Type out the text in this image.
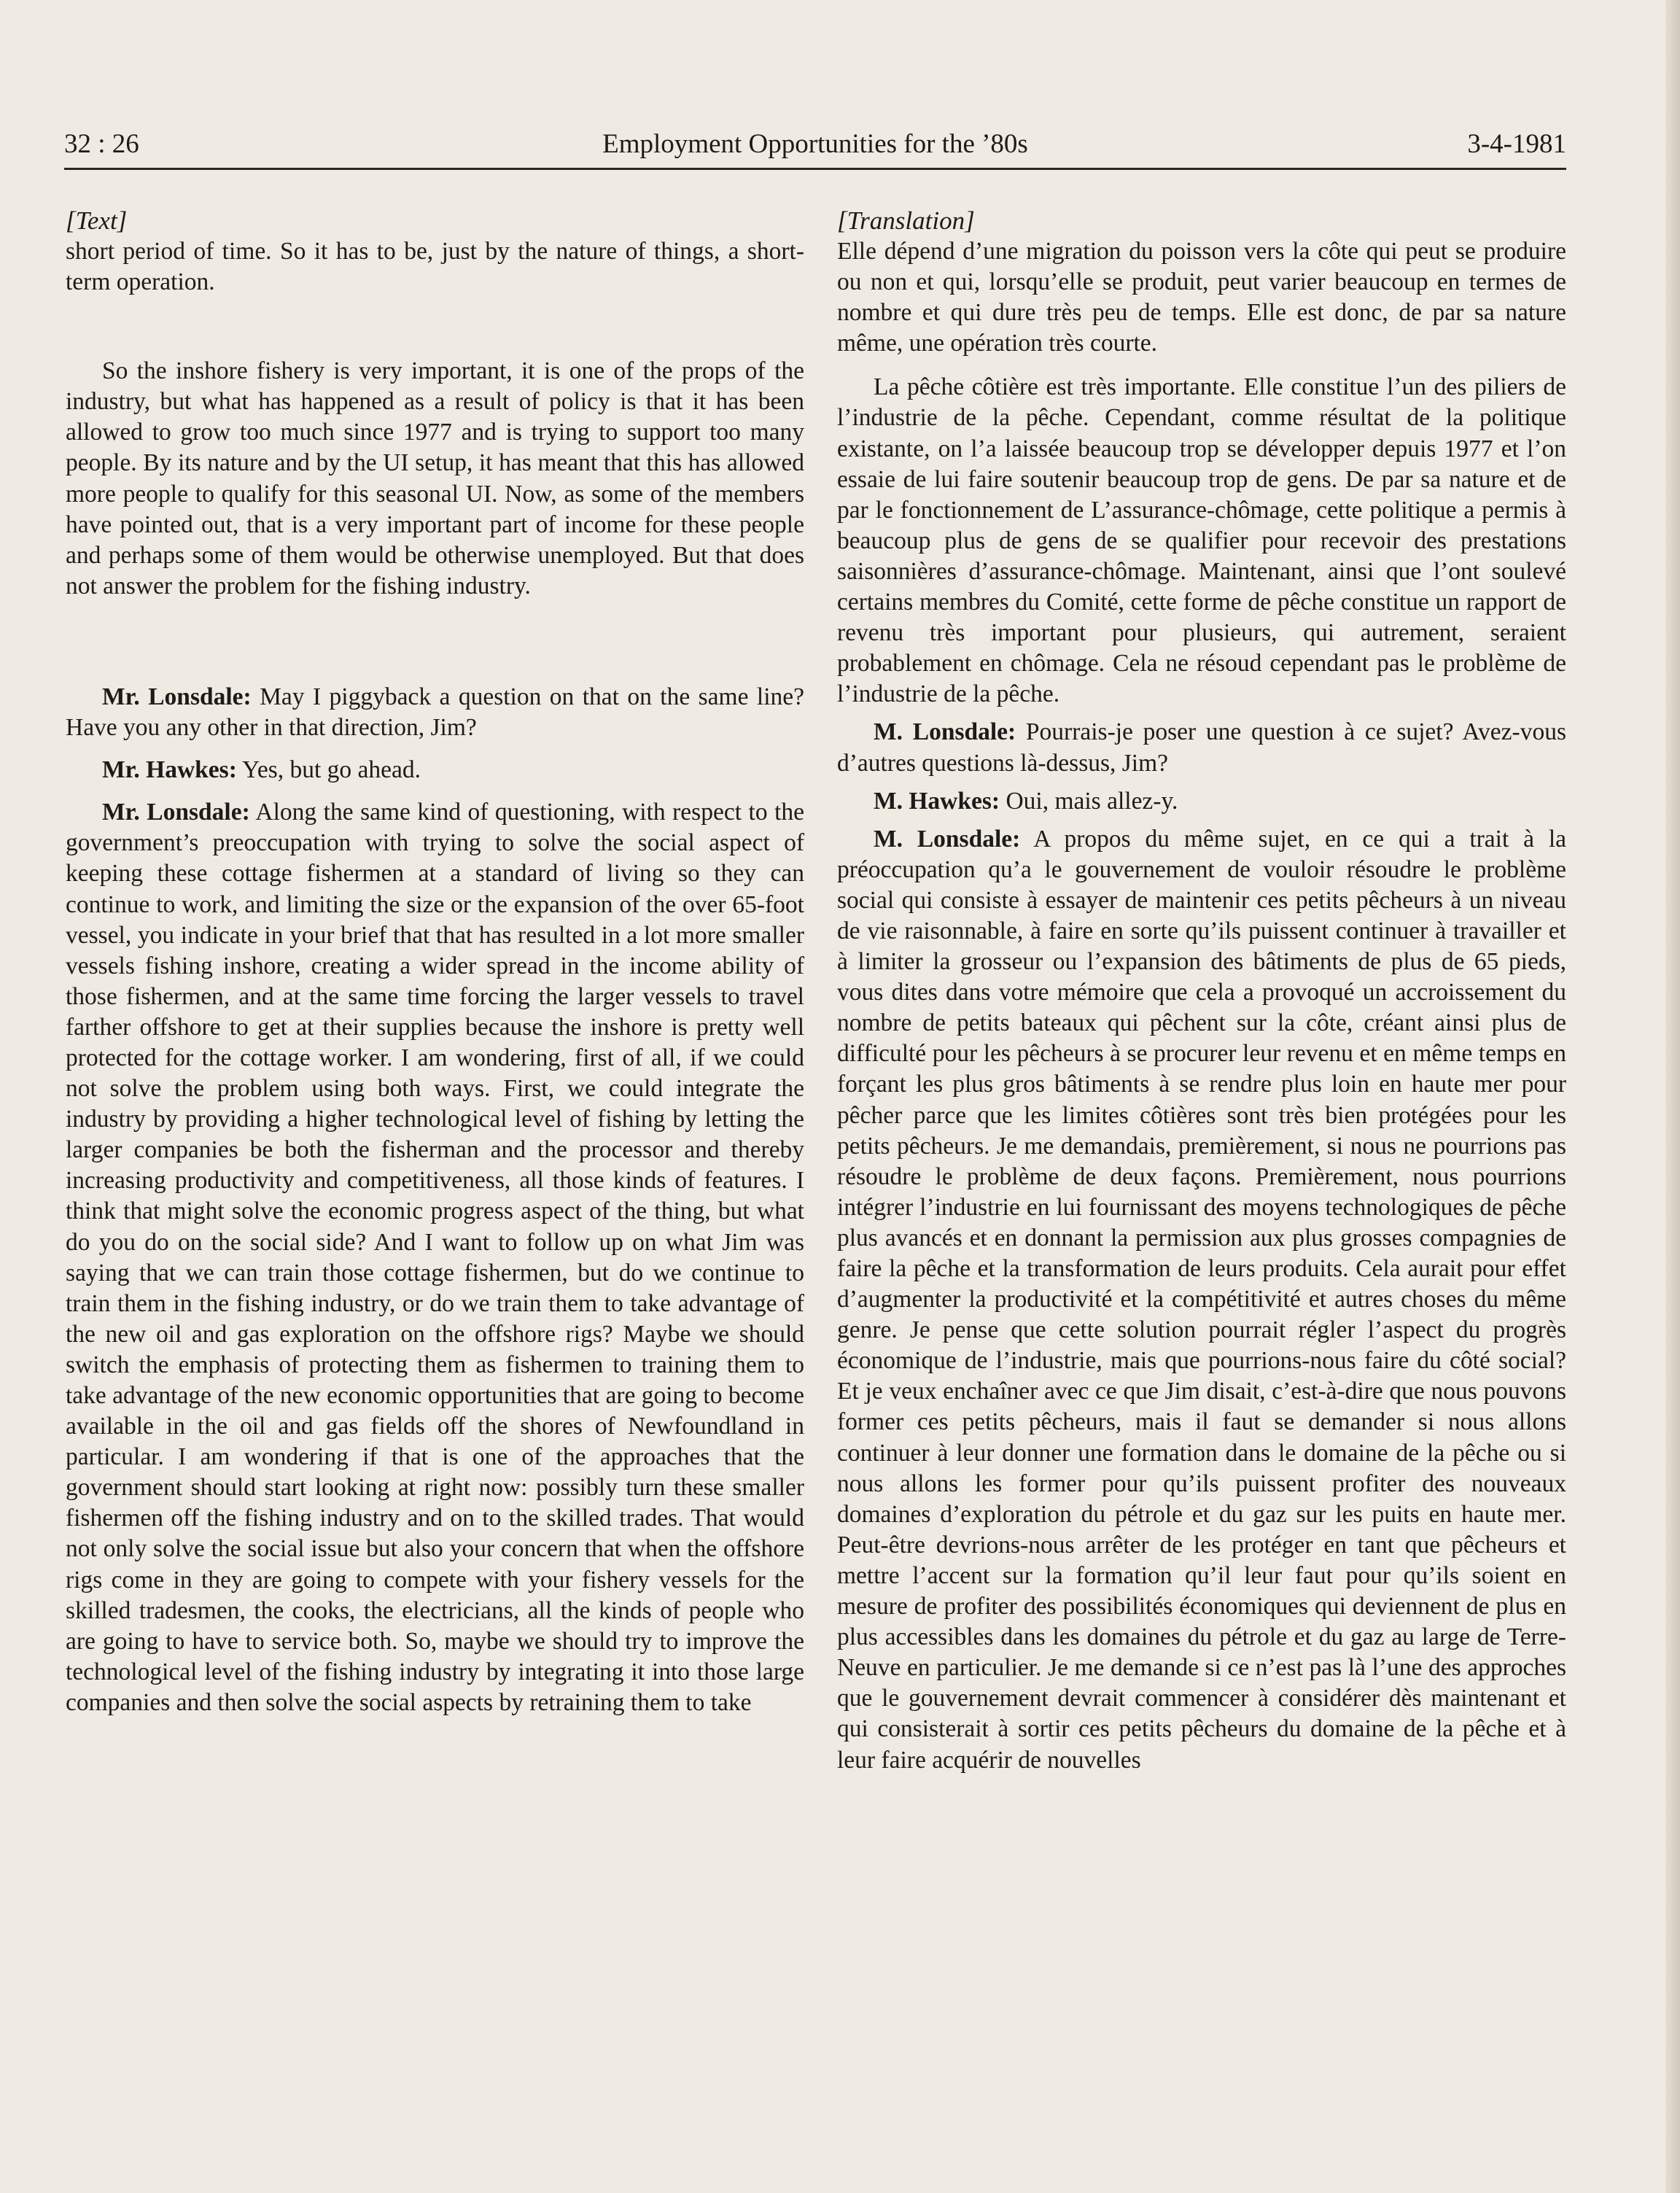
32 : 26	Employment Opportunities for the ’80s	3-4-1981
[Text]

short period of time. So it has to be, just by the nature of things, a short-term operation.

So the inshore fishery is very important, it is one of the props of the industry, but what has happened as a result of policy is that it has been allowed to grow too much since 1977 and is trying to support too many people. By its nature and by the UI setup, it has meant that this has allowed more people to qualify for this seasonal UI. Now, as some of the members have pointed out, that is a very important part of income for these people and perhaps some of them would be otherwise unemployed. But that does not answer the problem for the fishing industry.

Mr. Lonsdale: May I piggyback a question on that on the same line? Have you any other in that direction, Jim?

Mr. Hawkes: Yes, but go ahead.

Mr. Lonsdale: Along the same kind of questioning, with respect to the government’s preoccupation with trying to solve the social aspect of keeping these cottage fishermen at a standard of living so they can continue to work, and limiting the size or the expansion of the over 65-foot vessel, you indicate in your brief that that has resulted in a lot more smaller vessels fishing inshore, creating a wider spread in the income ability of those fishermen, and at the same time forcing the larger vessels to travel farther offshore to get at their supplies because the inshore is pretty well protected for the cottage worker. I am wondering, first of all, if we could not solve the problem using both ways. First, we could integrate the industry by providing a higher technological level of fishing by letting the larger companies be both the fisherman and the processor and thereby increasing productivity and competitiveness, all those kinds of features. I think that might solve the economic progress aspect of the thing, but what do you do on the social side? And I want to follow up on what Jim was saying that we can train those cottage fishermen, but do we continue to train them in the fishing industry, or do we train them to take advantage of the new oil and gas exploration on the offshore rigs? Maybe we should switch the emphasis of protecting them as fishermen to training them to take advantage of the new economic opportunities that are going to become available in the oil and gas fields off the shores of Newfoundland in particular. I am wondering if that is one of the approaches that the government should start looking at right now: possibly turn these smaller fishermen off the fishing industry and on to the skilled trades. That would not only solve the social issue but also your concern that when the offshore rigs come in they are going to compete with your fishery vessels for the skilled tradesmen, the cooks, the electricians, all the kinds of people who are going to have to service both. So, maybe we should try to improve the technological level of the fishing industry by integrating it into those large companies and then solve the social aspects by retraining them to take

[Translation]

Elle dépend d’une migration du poisson vers la côte qui peut se produire ou non et qui, lorsqu’elle se produit, peut varier beaucoup en termes de nombre et qui dure très peu de temps. Elle est donc, de par sa nature même, une opération très courte.

La pêche côtière est très importante. Elle constitue l’un des piliers de l’industrie de la pêche. Cependant, comme résultat de la politique existante, on l’a laissée beaucoup trop se développer depuis 1977 et l’on essaie de lui faire soutenir beaucoup trop de gens. De par sa nature et de par le fonctionnement de L’assurance-chômage, cette politique a permis à beaucoup plus de gens de se qualifier pour recevoir des prestations saisonnières d’assurance-chômage. Maintenant, ainsi que l’ont soulevé certains membres du Comité, cette forme de pêche constitue un rapport de revenu très important pour plusieurs, qui autrement, seraient probablement en chômage. Cela ne résoud cependant pas le problème de l’industrie de la pêche.

M. Lonsdale: Pourrais-je poser une question à ce sujet? Avez-vous d’autres questions là-dessus, Jim?

M. Hawkes: Oui, mais allez-y.

M. Lonsdale: A propos du même sujet, en ce qui a trait à la préoccupation qu’a le gouvernement de vouloir résoudre le problème social qui consiste à essayer de maintenir ces petits pêcheurs à un niveau de vie raisonnable, à faire en sorte qu’ils puissent continuer à travailler et à limiter la grosseur ou l’expansion des bâtiments de plus de 65 pieds, vous dites dans votre mémoire que cela a provoqué un accroissement du nombre de petits bateaux qui pêchent sur la côte, créant ainsi plus de difficulté pour les pêcheurs à se procurer leur revenu et en même temps en forçant les plus gros bâtiments à se rendre plus loin en haute mer pour pêcher parce que les limites côtières sont très bien protégées pour les petits pêcheurs. Je me demandais, premièrement, si nous ne pourrions pas résoudre le problème de deux façons. Premièrement, nous pourrions intégrer l’industrie en lui fournissant des moyens technologiques de pêche plus avancés et en donnant la permission aux plus grosses compagnies de faire la pêche et la transformation de leurs produits. Cela aurait pour effet d’augmenter la productivité et la compétitivité et autres choses du même genre. Je pense que cette solution pourrait régler l’aspect du progrès économique de l’industrie, mais que pourrions-nous faire du côté social? Et je veux enchaîner avec ce que Jim disait, c’est-à-dire que nous pouvons former ces petits pêcheurs, mais il faut se demander si nous allons continuer à leur donner une formation dans le domaine de la pêche ou si nous allons les former pour qu’ils puissent profiter des nouveaux domaines d’exploration du pétrole et du gaz sur les puits en haute mer. Peut-être devrions-nous arrêter de les protéger en tant que pêcheurs et mettre l’accent sur la formation qu’il leur faut pour qu’ils soient en mesure de profiter des possibilités économiques qui deviennent de plus en plus accessibles dans les domaines du pétrole et du gaz au large de Terre-Neuve en particulier. Je me demande si ce n’est pas là l’une des approches que le gouvernement devrait commencer à considérer dès maintenant et qui consisterait à sortir ces petits pêcheurs du domaine de la pêche et à leur faire acquérir de nouvelles
